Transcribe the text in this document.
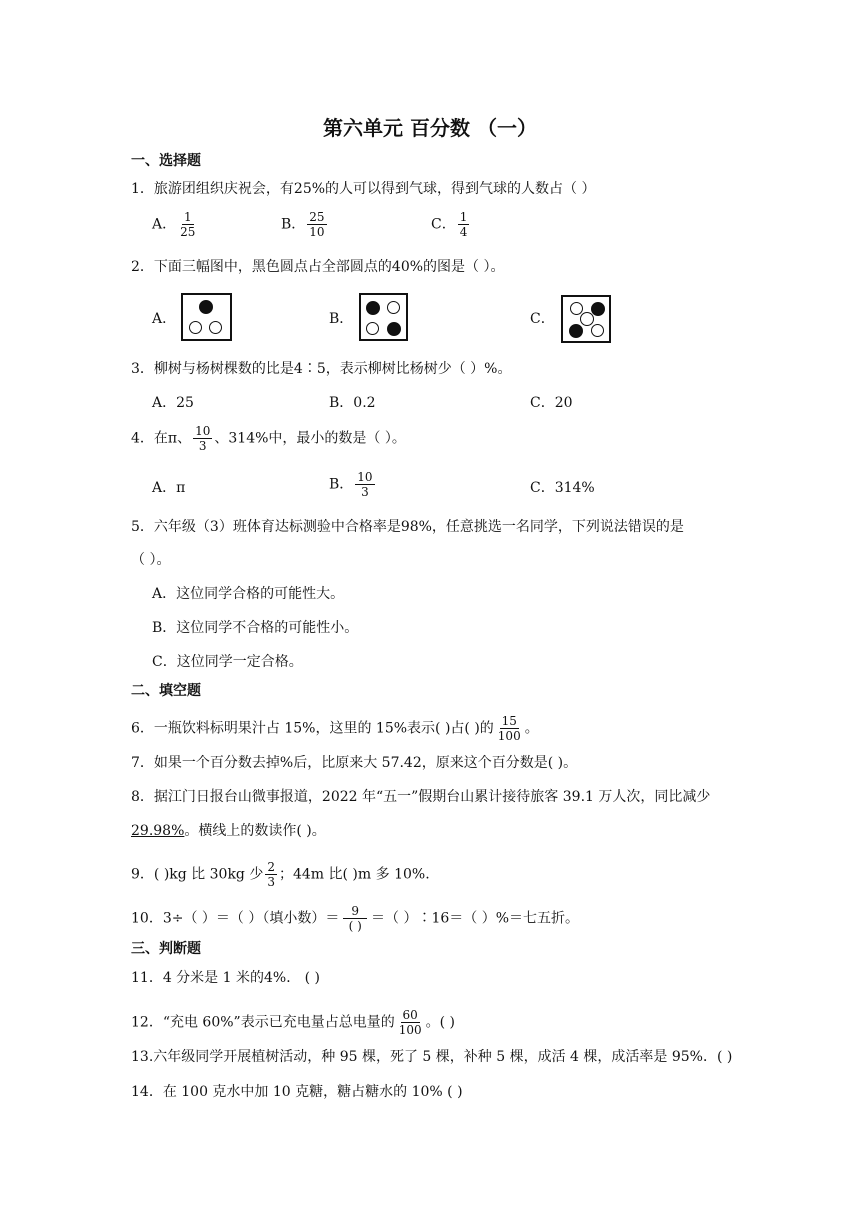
第六单元 百分数 （一）
一、选择题
1．旅游团组织庆祝会，有25%的人可以得到气球，得到气球的人数占（ ）
A． $\frac{1}{25}$	B． $\frac{25}{10}$	C． $\frac{1}{4}$
2．下面三幅图中，黑色圆点占全部圆点的40%的图是（ ）。
A．	B．	C．
3．柳树与杨树棵数的比是4∶5，表示柳树比杨树少（ ）%。
A．25	B．0.2	C．20
4．在π、 $\frac{10}{3}$ 、314%中，最小的数是（ ）。
A．π	B． $\frac{10}{3}$	C．314%
5．六年级（3）班体育达标测验中合格率是98%，任意挑选一名同学，下列说法错误的是
（ ）。
A．这位同学合格的可能性大。
B．这位同学不合格的可能性小。
C．这位同学一定合格。
二、填空题
6．一瓶饮料标明果汁占 15%，这里的 15%表示( )占( )的 $\frac{15}{100}$ 。
7．如果一个百分数去掉%后，比原来大 57.42，原来这个百分数是( )。
8．据江门日报台山微事报道，2022 年“五一”假期台山累计接待旅客 39.1 万人次，同比减少
29.98%。横线上的数读作( )。
9．( )kg 比 30kg 少 $\frac{2}{3}$ ；44m 比( )m 多 10%.
10．3÷（ ）＝（ ）（填小数）＝ $\frac{9}{( )}$ ＝（ ）∶16＝（ ）%＝七五折。
三、判断题
11．4 分米是 1 米的4%． ( )
12．“充电 60%”表示已充电量占总电量的 $\frac{60}{100}$ 。( )
13.六年级同学开展植树活动，种 95 棵，死了 5 棵，补种 5 棵，成活 4 棵，成活率是 95%．( )
14．在 100 克水中加 10 克糖，糖占糖水的 10% ( )
